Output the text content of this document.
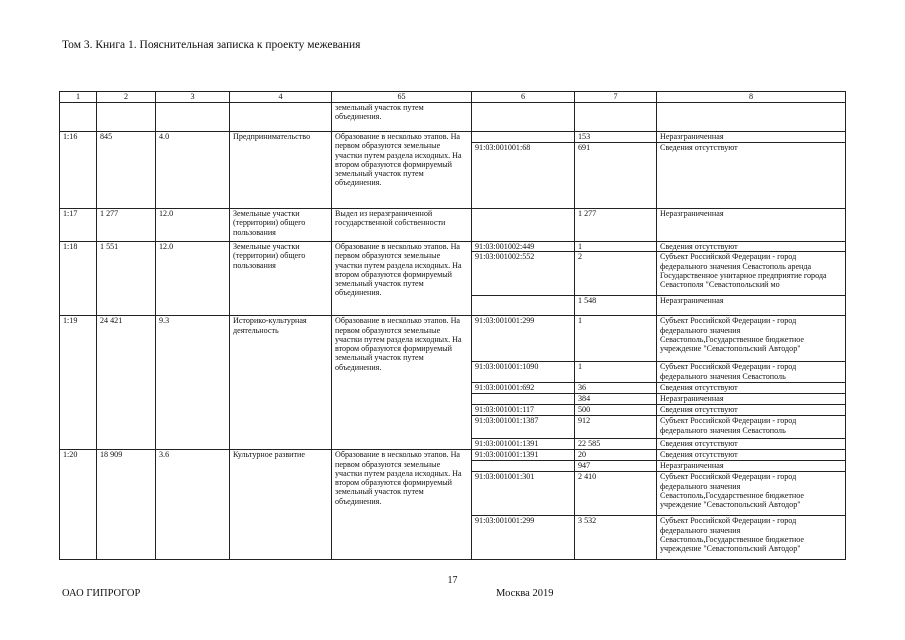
Том 3. Книга 1. Пояснительная записка к проекту межевания
1	2	3	4	65	6	7	8
				земельный участок путем объединения.			
1:16	845	4.0	Предпринимательство	Образование в несколько этапов. На первом образуются земельные участки путем раздела исходных. На втором образуются формируемый земельный участок путем объединения.		153	Неразграниченная
					91:03:001001:68	691	Сведения отсутствуют
1:17	1 277	12.0	Земельные участки (территории) общего пользования	Выдел из неразграниченной государственной собственности		1 277	Неразграниченная
1:18	1 551	12.0	Земельные участки (территории) общего пользования	Образование в несколько этапов. На первом образуются земельные участки путем раздела исходных. На втором образуются формируемый земельный участок путем объединения.	91:03:001002:449	1	Сведения отсутствуют
					91:03:001002:552	2	Субъект Российской Федерации - город федерального значения Севастополь аренда Государственное унитарное предприятие города Севастополя "Севастопольский мо
						1 548	Неразграниченная
1:19	24 421	9.3	Историко-культурная деятельность	Образование в несколько этапов. На первом образуются земельные участки путем раздела исходных. На втором образуются формируемый земельный участок путем объединения.	91:03:001001:299	1	Субъект Российской Федерации - город федерального значения Севастополь,Государственное бюджетное учреждение "Севастопольский Автодор"
					91:03:001001:1090	1	Субъект Российской Федерации - город федерального значения Севастополь
					91:03:001001:692	36	Сведения отсутствуют
						384	Неразграниченная
					91:03:001001:117	500	Сведения отсутствуют
					91:03:001001:1387	912	Субъект Российской Федерации - город федерального значения Севастополь
					91:03:001001:1391	22 585	Сведения отсутствуют
1:20	18 909	3.6	Культурное развитие	Образование в несколько этапов. На первом образуются земельные участки путем раздела исходных. На втором образуются формируемый земельный участок путем объединения.	91:03:001001:1391	20	Сведения отсутствуют
						947	Неразграниченная
					91:03:001001:301	2 410	Субъект Российской Федерации - город федерального значения Севастополь,Государственное бюджетное учреждение "Севастопольский Автодор"
					91:03:001001:299	3 532	Субъект Российской Федерации - город федерального значения Севастополь,Государственное бюджетное учреждение "Севастопольский Автодор"
17
ОАО ГИПРОГОР	Москва 2019
